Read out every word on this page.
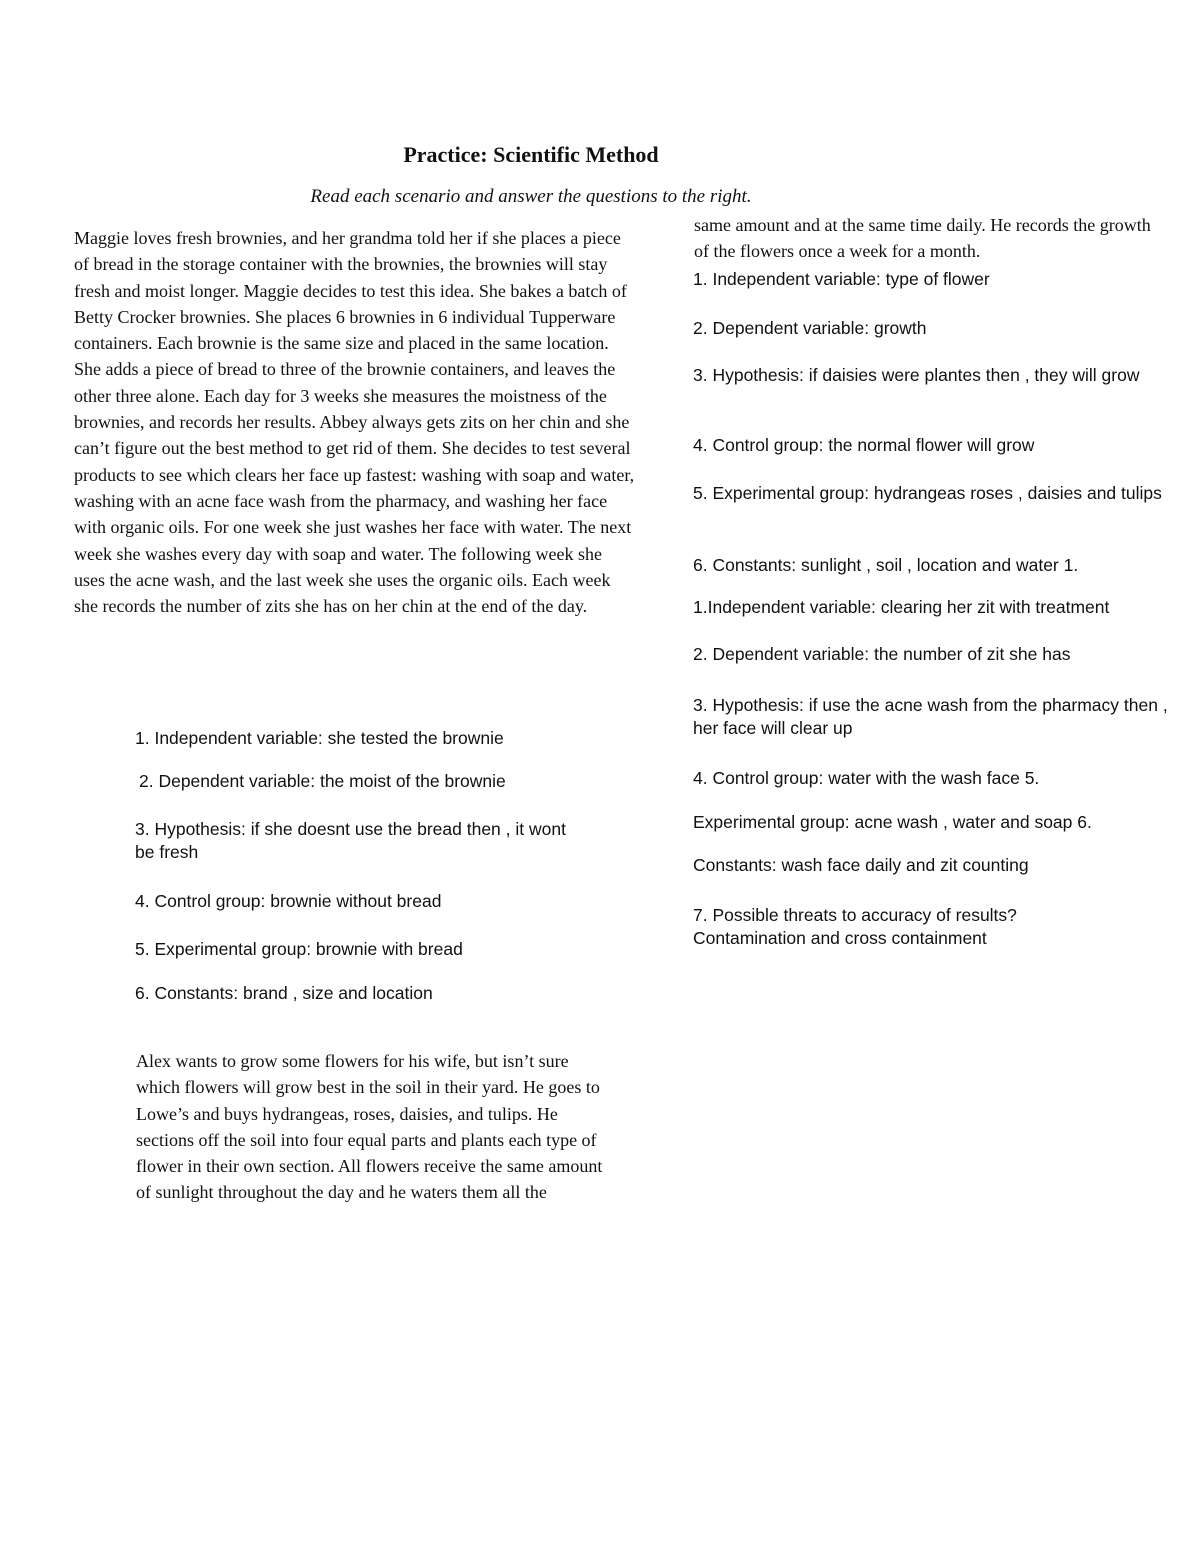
Practice: Scientific Method
Read each scenario and answer the questions to the right.

Maggie loves fresh brownies, and her grandma told her if she places a piece of bread in the storage container with the brownies, the brownies will stay fresh and moist longer. Maggie decides to test this idea. She bakes a batch of Betty Crocker brownies. She places 6 brownies in 6 individual Tupperware containers. Each brownie is the same size and placed in the same location. She adds a piece of bread to three of the brownie containers, and leaves the other three alone. Each day for 3 weeks she measures the moistness of the brownies, and records her results. Abbey always gets zits on her chin and she can’t figure out the best method to get rid of them. She decides to test several products to see which clears her face up fastest: washing with soap and water, washing with an acne face wash from the pharmacy, and washing her face with organic oils. For one week she just washes her face with water. The next week she washes every day with soap and water. The following week she uses the acne wash, and the last week she uses the organic oils. Each week she records the number of zits she has on her chin at the end of the day.

1. Independent variable: she tested the brownie
2. Dependent variable: the moist of the brownie
3. Hypothesis: if she doesnt use the bread then , it wont be fresh
4. Control group: brownie without bread
5. Experimental group: brownie with bread
6. Constants: brand , size and location

Alex wants to grow some flowers for his wife, but isn’t sure which flowers will grow best in the soil in their yard. He goes to Lowe’s and buys hydrangeas, roses, daisies, and tulips. He sections off the soil into four equal parts and plants each type of flower in their own section. All flowers receive the same amount of sunlight throughout the day and he waters them all the

same amount and at the same time daily. He records the growth of the flowers once a week for a month.

1. Independent variable: type of flower
2. Dependent variable: growth
3. Hypothesis: if daisies were plantes then , they will grow
4. Control group: the normal flower will grow
5. Experimental group: hydrangeas roses , daisies and tulips
6. Constants: sunlight , soil , location and water 1.
1.Independent variable: clearing her zit with treatment
2. Dependent variable: the number of zit she has
3. Hypothesis: if use the acne wash from the pharmacy then , her face will clear up
4. Control group: water with the wash face 5.
Experimental group: acne wash , water and soap 6.
Constants: wash face daily and zit counting
7. Possible threats to accuracy of results? Contamination and cross containment
